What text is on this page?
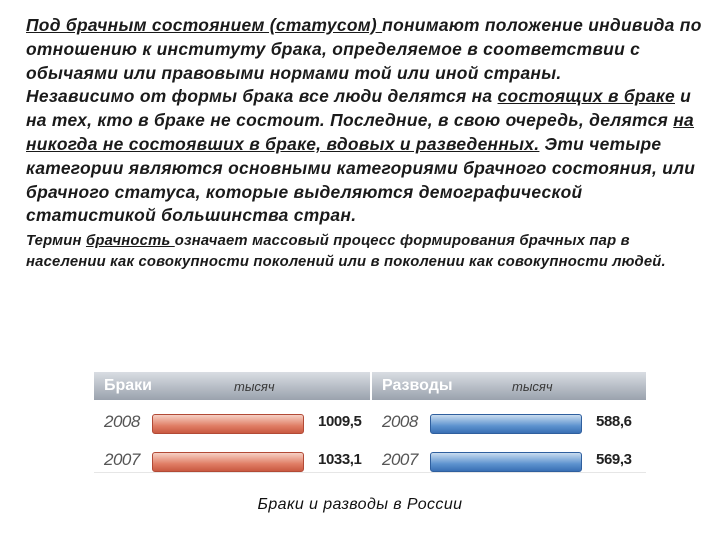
Под брачным состоянием (статусом) понимают положение индивида по отношению к институту брака, определяемое в соответствии с обычаями или правовыми нормами той или иной страны.
Независимо от формы брака все люди делятся на состоящих в браке и на тех, кто в браке не состоит. Последние, в свою очередь, делятся на никогда не состоявших в браке, вдовых и разведенных. Эти четыре категории являются основными категориями брачного состояния, или брачного статуса, которые выделяются демографической статистикой большинства стран.
Термин брачность означает массовый процесс формирования брачных пар в населении как совокупности поколений или в поколении как совокупности людей.
Браки	тысяч
2008	1009,5
2007	1033,1
Разводы	тысяч
2008	588,6
2007	569,3
Браки и разводы в России
